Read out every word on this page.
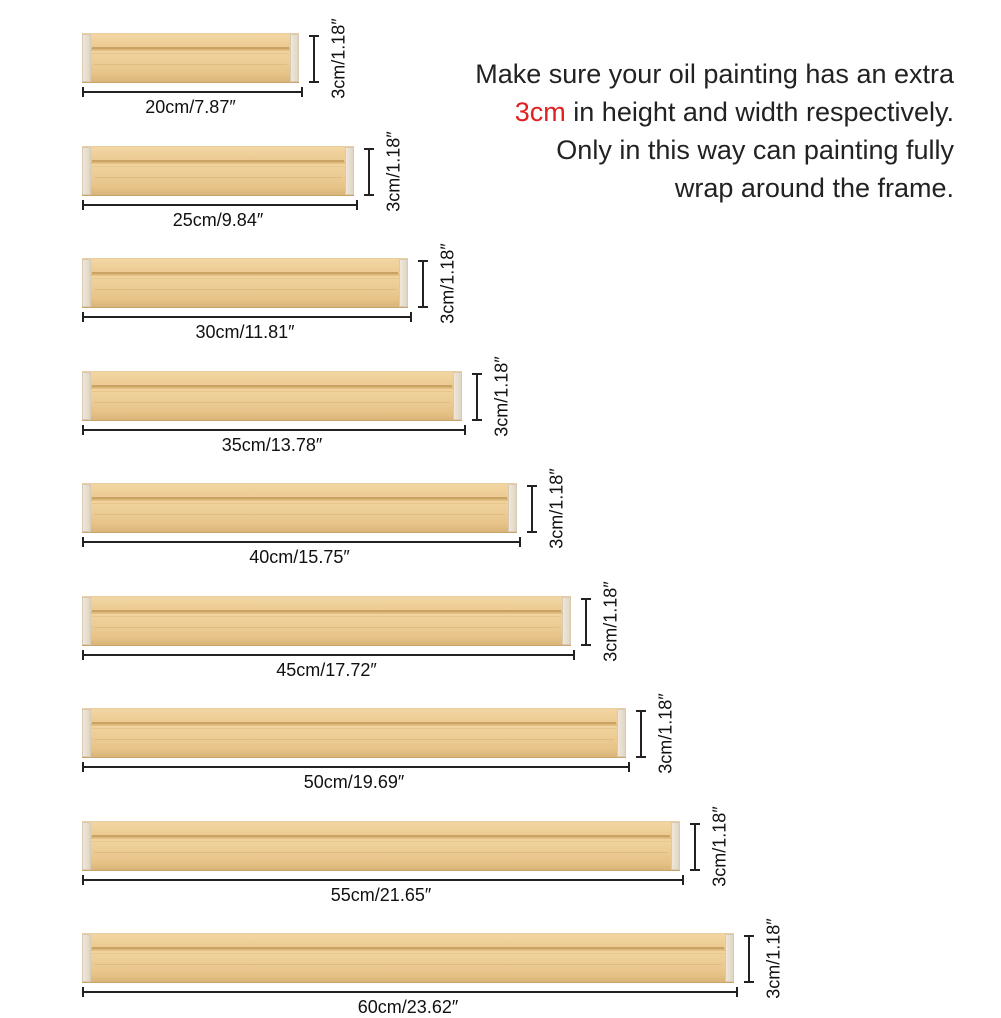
Make sure your oil painting has an extra
3cm in height and width respectively.
Only in this way can painting fully
wrap around the frame.
20cm/7.87″
3cm/1.18″
25cm/9.84″
3cm/1.18″
30cm/11.81″
3cm/1.18″
35cm/13.78″
3cm/1.18″
40cm/15.75″
3cm/1.18″
45cm/17.72″
3cm/1.18″
50cm/19.69″
3cm/1.18″
55cm/21.65″
3cm/1.18″
60cm/23.62″
3cm/1.18″
